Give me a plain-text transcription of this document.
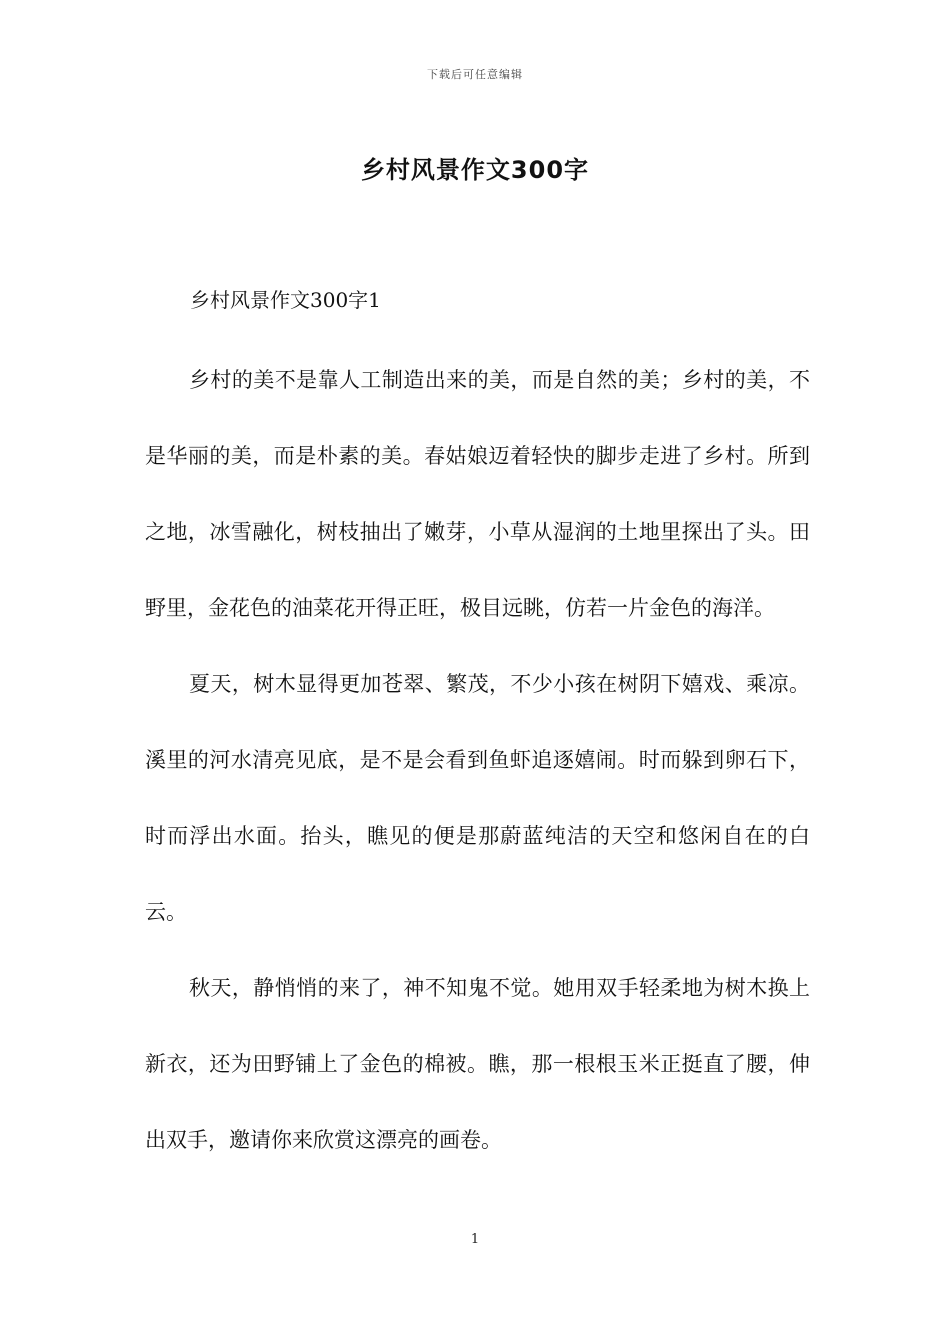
下载后可任意编辑
乡村风景作文300字
乡村风景作文300字1

乡村的美不是靠人工制造出来的美，而是自然的美；乡村的美，不是华丽的美，而是朴素的美。春姑娘迈着轻快的脚步走进了乡村。所到之地，冰雪融化，树枝抽出了嫩芽，小草从湿润的土地里探出了头。田野里，金花色的油菜花开得正旺，极目远眺，仿若一片金色的海洋。

夏天，树木显得更加苍翠、繁茂，不少小孩在树阴下嬉戏、乘凉。溪里的河水清亮见底，是不是会看到鱼虾追逐嬉闹。时而躲到卵石下，时而浮出水面。抬头，瞧见的便是那蔚蓝纯洁的天空和悠闲自在的白云。

秋天，静悄悄的来了，神不知鬼不觉。她用双手轻柔地为树木换上新衣，还为田野铺上了金色的棉被。瞧，那一根根玉米正挺直了腰，伸出双手，邀请你来欣赏这漂亮的画卷。

1
